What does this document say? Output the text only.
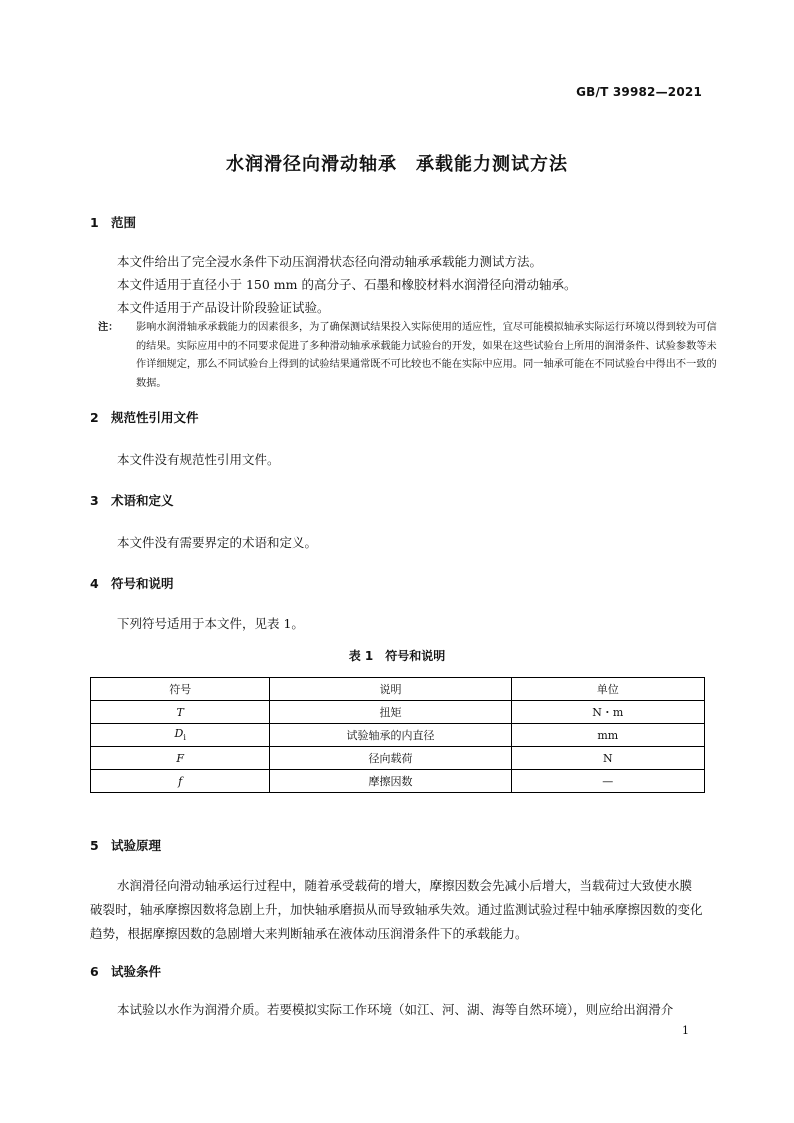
GB/T 39982—2021
水润滑径向滑动轴承　承载能力测试方法
1 范围
本文件给出了完全浸水条件下动压润滑状态径向滑动轴承承载能力测试方法。
本文件适用于直径小于 150 mm 的高分子、石墨和橡胶材料水润滑径向滑动轴承。
本文件适用于产品设计阶段验证试验。
注： 影响水润滑轴承承载能力的因素很多，为了确保测试结果投入实际使用的适应性，宜尽可能模拟轴承实际运行环境以得到较为可信的结果。实际应用中的不同要求促进了多种滑动轴承承载能力试验台的开发，如果在这些试验台上所用的润滑条件、试验参数等未作详细规定，那么不同试验台上得到的试验结果通常既不可比较也不能在实际中应用。同一轴承可能在不同试验台中得出不一致的数据。
2 规范性引用文件
本文件没有规范性引用文件。
3 术语和定义
本文件没有需要界定的术语和定义。
4 符号和说明
下列符号适用于本文件，见表 1。
表 1　符号和说明
符号	说明	单位
T	扭矩	N・m
$D_i$	试验轴承的内直径	mm
F	径向载荷	N
f	摩擦因数	—
5 试验原理
水润滑径向滑动轴承运行过程中，随着承受载荷的增大，摩擦因数会先减小后增大，当载荷过大致使水膜破裂时，轴承摩擦因数将急剧上升，加快轴承磨损从而导致轴承失效。通过监测试验过程中轴承摩擦因数的变化趋势，根据摩擦因数的急剧增大来判断轴承在液体动压润滑条件下的承载能力。
6 试验条件
本试验以水作为润滑介质。若要模拟实际工作环境（如江、河、湖、海等自然环境），则应给出润滑介
1
